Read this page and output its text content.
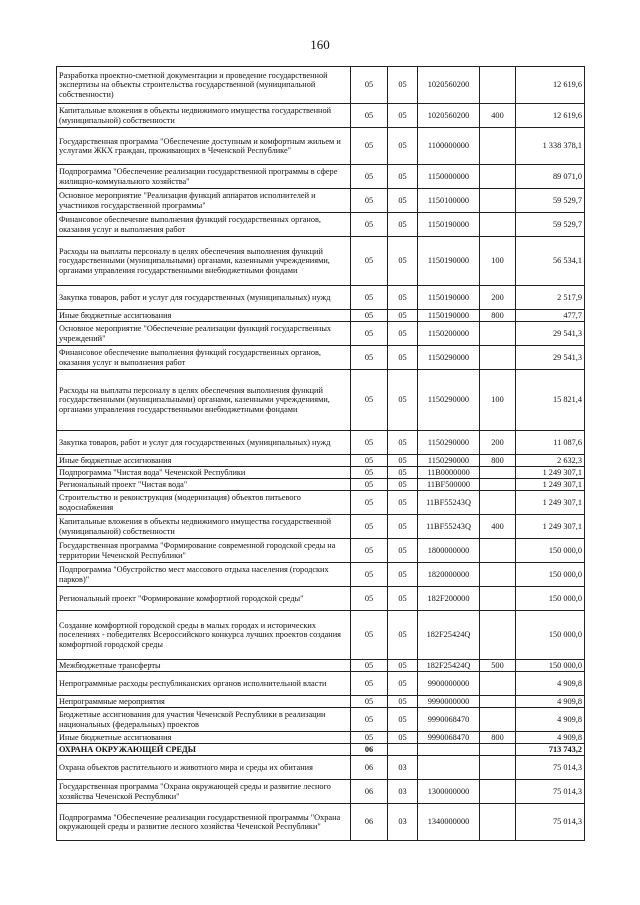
160
Разработка проектно-сметной документации и проведение государственной экспертизы на объекты строительства государственной (муниципальной собственности)	05	05	1020560200		12 619,6
Капитальные вложения в объекты недвижимого имущества государственной (муниципальной) собственности	05	05	1020560200	400	12 619,6
Государственная программа "Обеспечение доступным и комфортным жильем и услугами ЖКХ граждан, проживающих в Чеченской Республике"	05	05	1100000000		1 338 378,1
Подпрограмма "Обеспечение реализации государственной программы в сфере жилищно-коммунального хозяйства"	05	05	1150000000		89 071,0
Основное мероприятие "Реализация функций аппаратов исполнителей и участников государственной программы"	05	05	1150100000		59 529,7
Финансовое обеспечение выполнения функций государственных органов, оказания услуг и выполнения работ	05	05	1150190000		59 529,7
Расходы на выплаты персоналу в целях обеспечения выполнения функций государственными (муниципальными) органами, казенными учреждениями, органами управления государственными внебюджетными фондами	05	05	1150190000	100	56 534,1
Закупка товаров, работ и услуг для государственных (муниципальных) нужд	05	05	1150190000	200	2 517,9
Иные бюджетные ассигнования	05	05	1150190000	800	477,7
Основное мероприятие "Обеспечение реализации функций государственных учреждений"	05	05	1150200000		29 541,3
Финансовое обеспечение выполнения функций государственных органов, оказания услуг и выполнения работ	05	05	1150290000		29 541,3
Расходы на выплаты персоналу в целях обеспечения выполнения функций государственными (муниципальными) органами, казенными учреждениями, органами управления государственными внебюджетными фондами	05	05	1150290000	100	15 821,4
Закупка товаров, работ и услуг для государственных (муниципальных) нужд	05	05	1150290000	200	11 087,6
Иные бюджетные ассигнования	05	05	1150290000	800	2 632,3
Подпрограмма "Чистая вода" Чеченской Республики	05	05	11B0000000		1 249 307,1
Региональный проект "Чистая вода"	05	05	11BF500000		1 249 307,1
Строительство и реконструкция (модернизация) объектов питьевого водоснабжения	05	05	11BF55243Q		1 249 307,1
Капитальные вложения в объекты недвижимого имущества государственной (муниципальной) собственности	05	05	11BF55243Q	400	1 249 307,1
Государственная программа "Формирование современной городской среды на территории Чеченской Республики"	05	05	1800000000		150 000,0
Подпрограмма "Обустройство мест массового отдыха населения (городских парков)"	05	05	1820000000		150 000,0
Региональный проект "Формирование комфортной городской среды"	05	05	182F200000		150 000,0
Создание комфортной городской среды в малых городах и исторических поселениях - победителях Всероссийского конкурса лучших проектов создания комфортной городской среды	05	05	182F25424Q		150 000,0
Межбюджетные трансферты	05	05	182F25424Q	500	150 000,0
Непрограммные расходы республиканских органов исполнительной власти	05	05	9900000000		4 909,8
Непрограммные мероприятия	05	05	9990000000		4 909,8
Бюджетные ассигнования для участия Чеченской Республики в реализации национальных (федеральных) проектов	05	05	9990068470		4 909,8
Иные бюджетные ассигнования	05	05	9990068470	800	4 909,8
ОХРАНА ОКРУЖАЮЩЕЙ СРЕДЫ	06				713 743,2
Охрана объектов растительного и животного мира и среды их обитания	06	03			75 014,3
Государственная программа "Охрана окружающей среды и развитие лесного хозяйства Чеченской Республики"	06	03	1300000000		75 014,3
Подпрограмма "Обеспечение реализации государственной программы "Охрана окружающей среды и развитие лесного хозяйства Чеченской Республики"	06	03	1340000000		75 014,3
